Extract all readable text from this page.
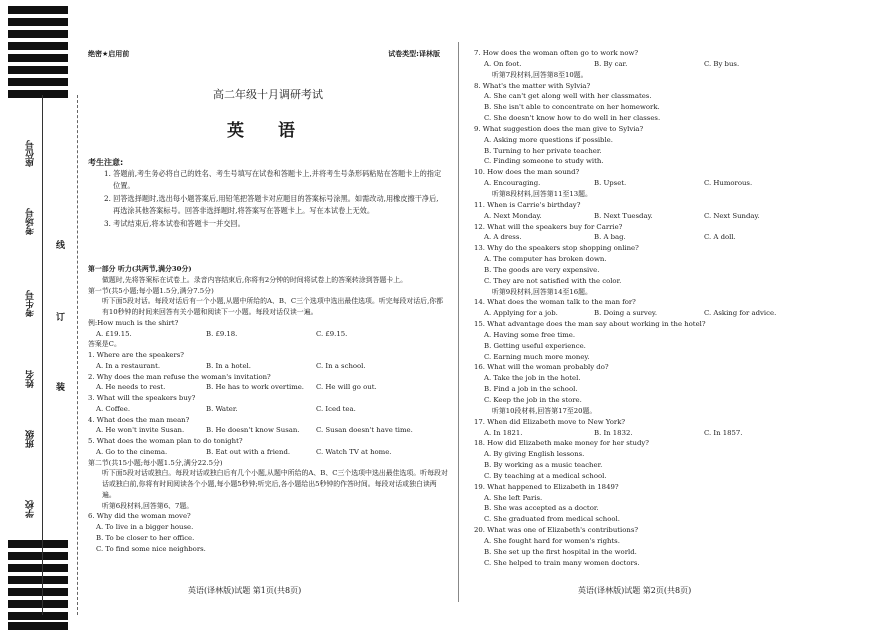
座位号
考场号
考生号
姓名
班级
学校
线
订
装
绝密★启用前	试卷类型:译林版
高二年级十月调研考试
英 语
考生注意:

1. 答题前,考生务必将自己的姓名、考生号填写在试卷和答题卡上,并将考生号条形码粘贴在答题卡上的指定位置。

2. 回答选择题时,选出每小题答案后,用铅笔把答题卡对应题目的答案标号涂黑。如需改动,用橡皮擦干净后,再选涂其他答案标号。回答非选择题时,将答案写在答题卡上。写在本试卷上无效。

3. 考试结束后,将本试卷和答题卡一并交回。

第一部分 听力(共两节,满分30分)

做题时,先将答案标在试卷上。录音内容结束后,你将有2分钟的时间将试卷上的答案转涂到答题卡上。

第一节(共5小题;每小题1.5分,满分7.5分)

听下面5段对话。每段对话后有一个小题,从题中所给的A、B、C三个选项中选出最佳选项。听完每段对话后,你都有10秒钟的时间来回答有关小题和阅读下一小题。每段对话仅读一遍。

例:How much is the shirt?

A. £19.15.	B. £9.18.	C. £9.15.

答案是C。

1. Where are the speakers?

A. In a restaurant.	B. In a hotel.	C. In a school.

2. Why does the man refuse the woman's invitation?

A. He needs to rest.	B. He has to work overtime.	C. He will go out.

3. What will the speakers buy?

A. Coffee.	B. Water.	C. Iced tea.

4. What does the man mean?

A. He won't invite Susan.	B. He doesn't know Susan.	C. Susan doesn't have time.

5. What does the woman plan to do tonight?

A. Go to the cinema.	B. Eat out with a friend.	C. Watch TV at home.

第二节(共15小题;每小题1.5分,满分22.5分)

听下面5段对话或独白。每段对话或独白后有几个小题,从题中所给的A、B、C三个选项中选出最佳选项。听每段对话或独白前,你将有时间阅读各个小题,每小题5秒钟;听完后,各小题给出5秒钟的作答时间。每段对话或独白读两遍。

听第6段材料,回答第6、7题。

6. Why did the woman move?

A. To live in a bigger house.

B. To be closer to her office.

C. To find some nice neighbors.

英语(译林版)试题 第1页(共8页)

7. How does the woman often go to work now?

A. On foot.	B. By car.	C. By bus.

听第7段材料,回答第8至10题。

8. What's the matter with Sylvia?

A. She can't get along well with her classmates.

B. She isn't able to concentrate on her homework.

C. She doesn't know how to do well in her classes.

9. What suggestion does the man give to Sylvia?

A. Asking more questions if possible.

B. Turning to her private teacher.

C. Finding someone to study with.

10. How does the man sound?

A. Encouraging.	B. Upset.	C. Humorous.

听第8段材料,回答第11至13题。

11. When is Carrie's birthday?

A. Next Monday.	B. Next Tuesday.	C. Next Sunday.

12. What will the speakers buy for Carrie?

A. A dress.	B. A bag.	C. A doll.

13. Why do the speakers stop shopping online?

A. The computer has broken down.

B. The goods are very expensive.

C. They are not satisfied with the color.

听第9段材料,回答第14至16题。

14. What does the woman talk to the man for?

A. Applying for a job.	B. Doing a survey.	C. Asking for advice.

15. What advantage does the man say about working in the hotel?

A. Having some free time.

B. Getting useful experience.

C. Earning much more money.

16. What will the woman probably do?

A. Take the job in the hotel.

B. Find a job in the school.

C. Keep the job in the store.

听第10段材料,回答第17至20题。

17. When did Elizabeth move to New York?

A. In 1821.	B. In 1832.	C. In 1857.

18. How did Elizabeth make money for her study?

A. By giving English lessons.

B. By working as a music teacher.

C. By teaching at a medical school.

19. What happened to Elizabeth in 1849?

A. She left Paris.

B. She was accepted as a doctor.

C. She graduated from medical school.

20. What was one of Elizabeth's contributions?

A. She fought hard for women's rights.

B. She set up the first hospital in the world.

C. She helped to train many women doctors.

英语(译林版)试题 第2页(共8页)
